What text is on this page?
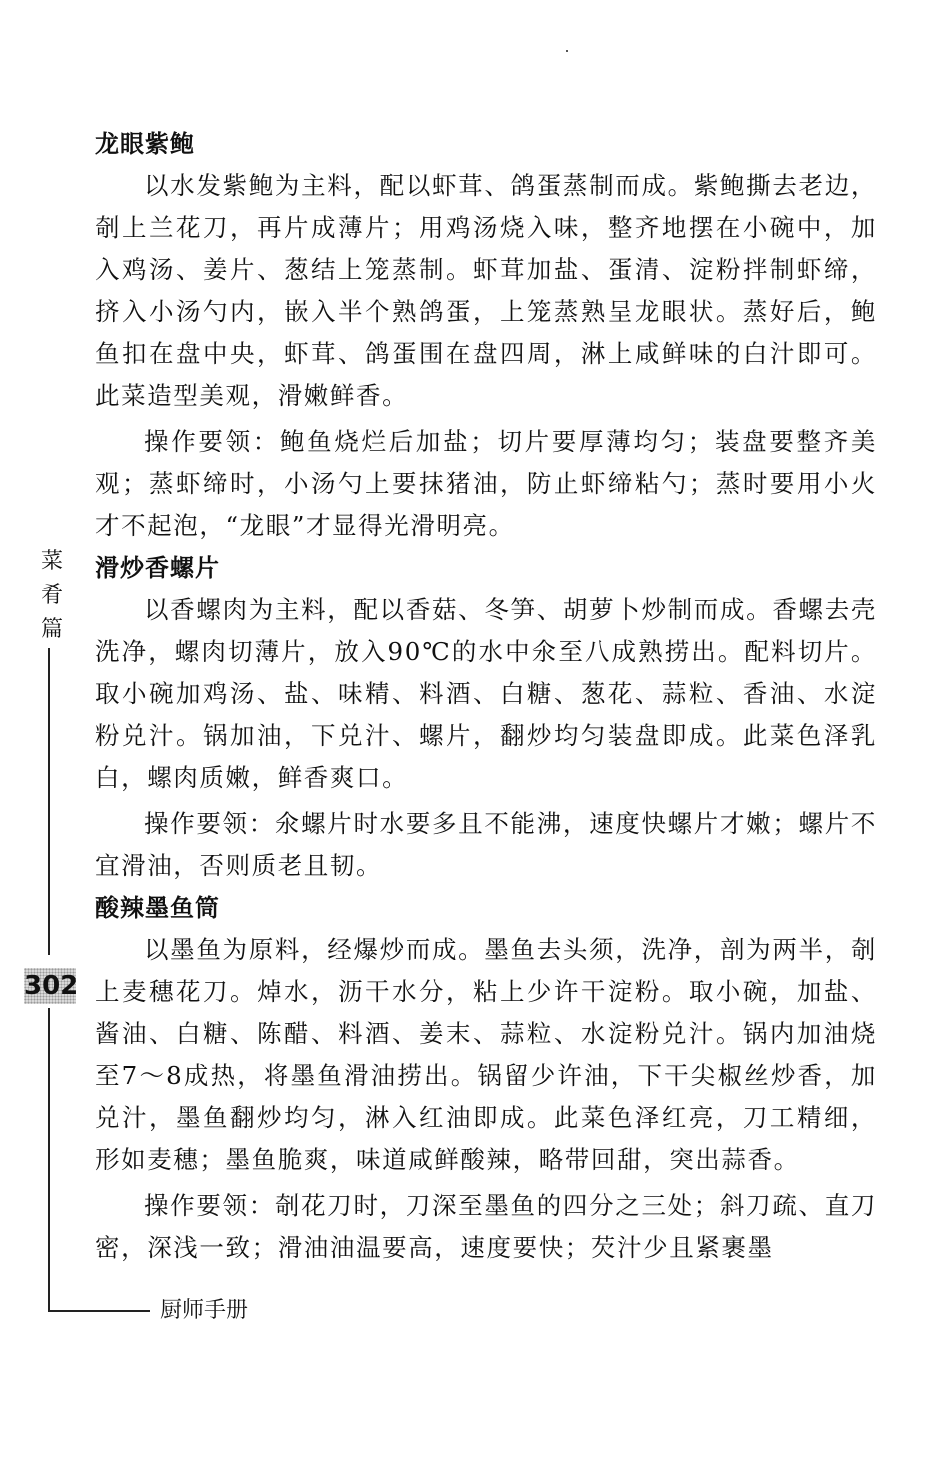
龙眼紫鲍

以水发紫鲍为主料，配以虾茸、鸽蛋蒸制而成。紫鲍撕去老边，剞上兰花刀，再片成薄片；用鸡汤烧入味，整齐地摆在小碗中，加入鸡汤、姜片、葱结上笼蒸制。虾茸加盐、蛋清、淀粉拌制虾缔，挤入小汤勺内，嵌入半个熟鸽蛋，上笼蒸熟呈龙眼状。蒸好后，鲍鱼扣在盘中央，虾茸、鸽蛋围在盘四周，淋上咸鲜味的白汁即可。此菜造型美观，滑嫩鲜香。

操作要领：鲍鱼烧烂后加盐；切片要厚薄均匀；装盘要整齐美观；蒸虾缔时，小汤勺上要抹猪油，防止虾缔粘勺；蒸时要用小火才不起泡，“龙眼”才显得光滑明亮。

滑炒香螺片

以香螺肉为主料，配以香菇、冬笋、胡萝卜炒制而成。香螺去壳洗净，螺肉切薄片，放入90℃的水中氽至八成熟捞出。配料切片。取小碗加鸡汤、盐、味精、料酒、白糖、葱花、蒜粒、香油、水淀粉兑汁。锅加油，下兑汁、螺片，翻炒均匀装盘即成。此菜色泽乳白，螺肉质嫩，鲜香爽口。

操作要领：氽螺片时水要多且不能沸，速度快螺片才嫩；螺片不宜滑油，否则质老且韧。

酸辣墨鱼筒

以墨鱼为原料，经爆炒而成。墨鱼去头须，洗净，剖为两半，剞上麦穗花刀。焯水，沥干水分，粘上少许干淀粉。取小碗，加盐、酱油、白糖、陈醋、料酒、姜末、蒜粒、水淀粉兑汁。锅内加油烧至7～8成热，将墨鱼滑油捞出。锅留少许油，下干尖椒丝炒香，加兑汁，墨鱼翻炒均匀，淋入红油即成。此菜色泽红亮，刀工精细，形如麦穗；墨鱼脆爽，味道咸鲜酸辣，略带回甜，突出蒜香。

操作要领：剞花刀时，刀深至墨鱼的四分之三处；斜刀疏、直刀密，深浅一致；滑油油温要高，速度要快；芡汁少且紧裹墨

菜
肴
篇
302
厨师手册
